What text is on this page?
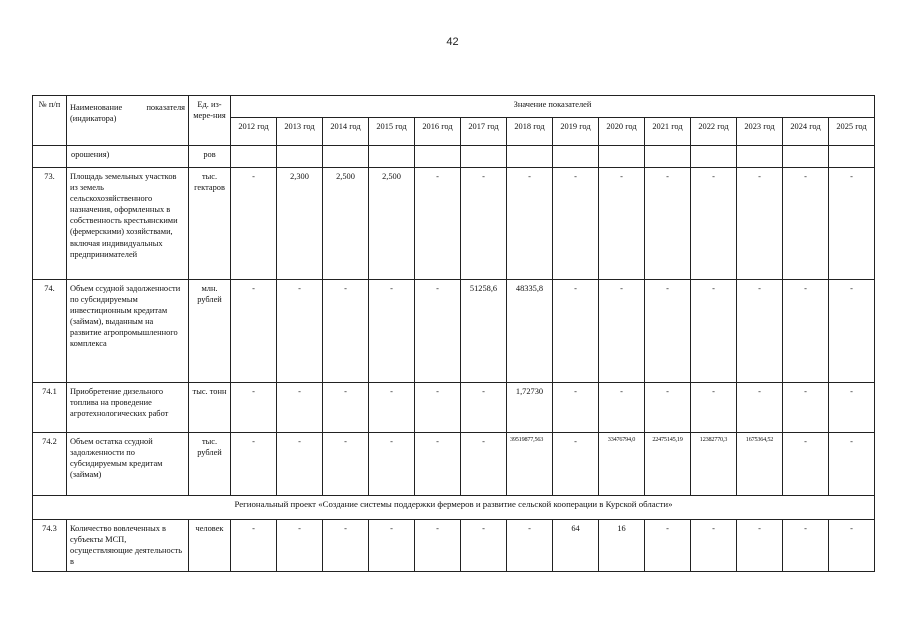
42
№ п/п	Наименование показателя (индикатора)	Ед. из-мере-ния	Значение показателей													
			2012 год	2013 год	2014 год	2015 год	2016 год	2017 год	2018 год	2019 год	2020 год	2021 год	2022 год	2023 год	2024 год	2025 год
	орошения)	ров														
73.	Площадь земельных участков из земель сельскохозяйственного назначения, оформленных в собственность крестьянскими (фермерскими) хозяйствами, включая индивидуальных предпринимателей	тыс. гектаров	-	2,300	2,500	2,500	-	-	-	-	-	-	-	-	-	-
74.	Объем ссудной задолженности по субсидируемым инвестиционным кредитам (займам), выданным на развитие агропромышленного комплекса	млн. рублей	-	-	-	-	-	51258,6	48335,8	-	-	-	-	-	-	-
74.1	Приобретение дизельного топлива на проведение агротехнологических работ	тыс. тонн	-	-	-	-	-	-	1,72730	-	-	-	-	-	-	-
74.2	Объем остатка ссудной задолженности по субсидируемым кредитам (займам)	тыс. рублей	-	-	-	-	-	-	39519877,563	-	33476794,0	22475145,19	12382770,3	1675364,52	-	-
Региональный проект «Создание системы поддержки фермеров и развитие сельской кооперации в Курской области»																
74.3	Количество вовлеченных в субъекты МСП, осуществляющие деятельность в	человек	-	-	-	-	-	-	-	64	16	-	-	-	-	-
